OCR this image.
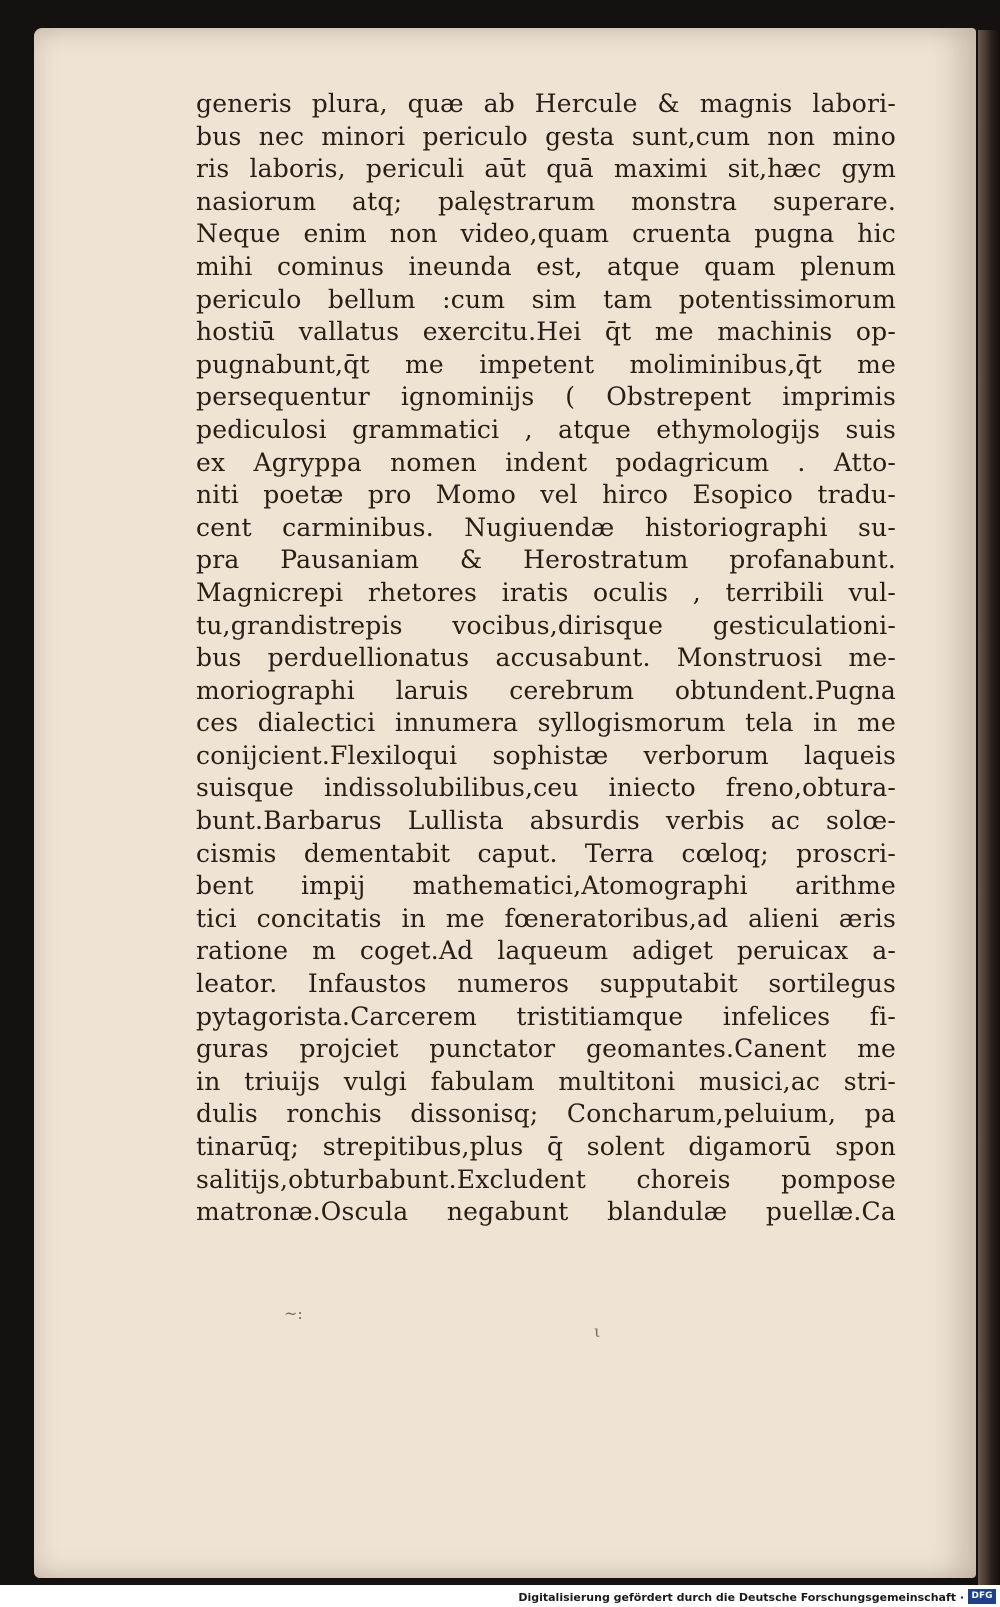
~:
ι
generis plura, quæ ab Hercule & magnis labori-
bus nec minori periculo gesta sunt,cum non mino
ris laboris, periculi aūt quā maximi sit,hæc gym
nasiorum atq; palęstrarum monstra superare.
Neque enim non video,quam cruenta pugna hic
mihi cominus ineunda est, atque quam plenum
periculo bellum :cum sim tam potentissimorum
hostiū vallatus exercitu.Hei q̄t me machinis op-
pugnabunt,q̄t me impetent moliminibus,q̄t me
persequentur ignominijs ( Obstrepent imprimis
pediculosi grammatici , atque ethymologijs suis
ex Agryppa nomen indent podagricum . Atto-
niti poetæ pro Momo vel hirco Esopico tradu-
cent carminibus. Nugiuendæ historiographi su-
pra Pausaniam & Herostratum profanabunt.
Magnicrepi rhetores iratis oculis , terribili vul-
tu,grandistrepis vocibus,dirisque gesticulationi-
bus perduellionatus accusabunt. Monstruosi me-
moriographi laruis cerebrum obtundent.Pugna
ces dialectici innumera syllogismorum tela in me
conijcient.Flexiloqui sophistæ verborum laqueis
suisque indissolubilibus,ceu iniecto freno,obtura-
bunt.Barbarus Lullista absurdis verbis ac solœ-
cismis dementabit caput. Terra cœloq; proscri-
bent impij mathematici,Atomographi arithme
tici concitatis in me fœneratoribus,ad alieni æris
ratione m coget.Ad laqueum adiget peruicax a-
leator. Infaustos numeros supputabit sortilegus
pytagorista.Carcerem tristitiamque infelices fi-
guras projciet punctator geomantes.Canent me
in triuijs vulgi fabulam multitoni musici,ac stri-
dulis ronchis dissonisq; Concharum,peluium, pa
tinarūq; strepitibus,plus q̄ solent digamorū spon
salitijs,obturbabunt.Excludent choreis pompose
matronæ.Oscula negabunt blandulæ puellæ.Ca
Digitalisierung gefördert durch die Deutsche Forschungsgemeinschaft · DFG
